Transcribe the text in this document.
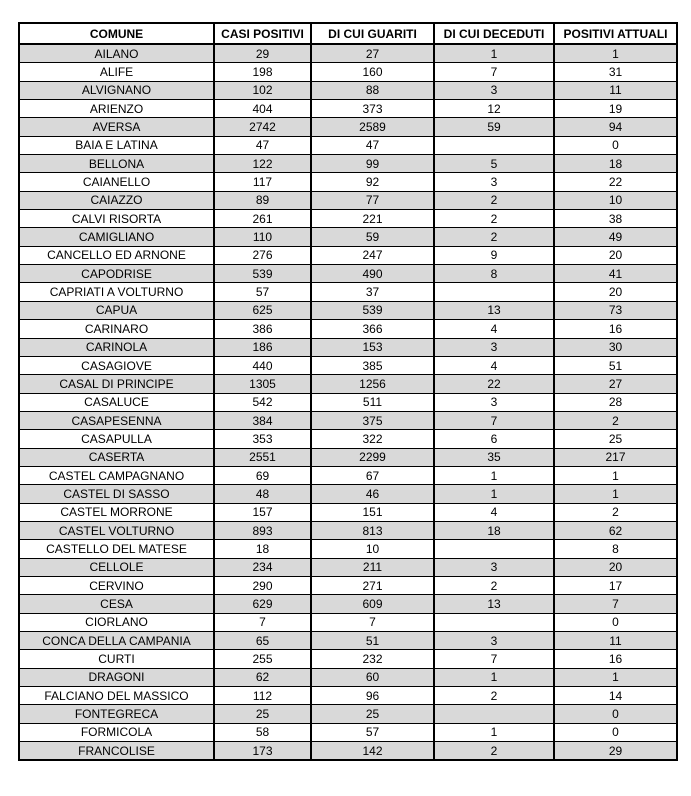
COMUNE	CASI POSITIVI	DI CUI GUARITI	DI CUI DECEDUTI	POSITIVI ATTUALI
AILANO	29	27	1	1
ALIFE	198	160	7	31
ALVIGNANO	102	88	3	11
ARIENZO	404	373	12	19
AVERSA	2742	2589	59	94
BAIA E LATINA	47	47		0
BELLONA	122	99	5	18
CAIANELLO	117	92	3	22
CAIAZZO	89	77	2	10
CALVI RISORTA	261	221	2	38
CAMIGLIANO	110	59	2	49
CANCELLO ED ARNONE	276	247	9	20
CAPODRISE	539	490	8	41
CAPRIATI A VOLTURNO	57	37		20
CAPUA	625	539	13	73
CARINARO	386	366	4	16
CARINOLA	186	153	3	30
CASAGIOVE	440	385	4	51
CASAL DI PRINCIPE	1305	1256	22	27
CASALUCE	542	511	3	28
CASAPESENNA	384	375	7	2
CASAPULLA	353	322	6	25
CASERTA	2551	2299	35	217
CASTEL CAMPAGNANO	69	67	1	1
CASTEL DI SASSO	48	46	1	1
CASTEL MORRONE	157	151	4	2
CASTEL VOLTURNO	893	813	18	62
CASTELLO DEL MATESE	18	10		8
CELLOLE	234	211	3	20
CERVINO	290	271	2	17
CESA	629	609	13	7
CIORLANO	7	7		0
CONCA DELLA CAMPANIA	65	51	3	11
CURTI	255	232	7	16
DRAGONI	62	60	1	1
FALCIANO DEL MASSICO	112	96	2	14
FONTEGRECA	25	25		0
FORMICOLA	58	57	1	0
FRANCOLISE	173	142	2	29
